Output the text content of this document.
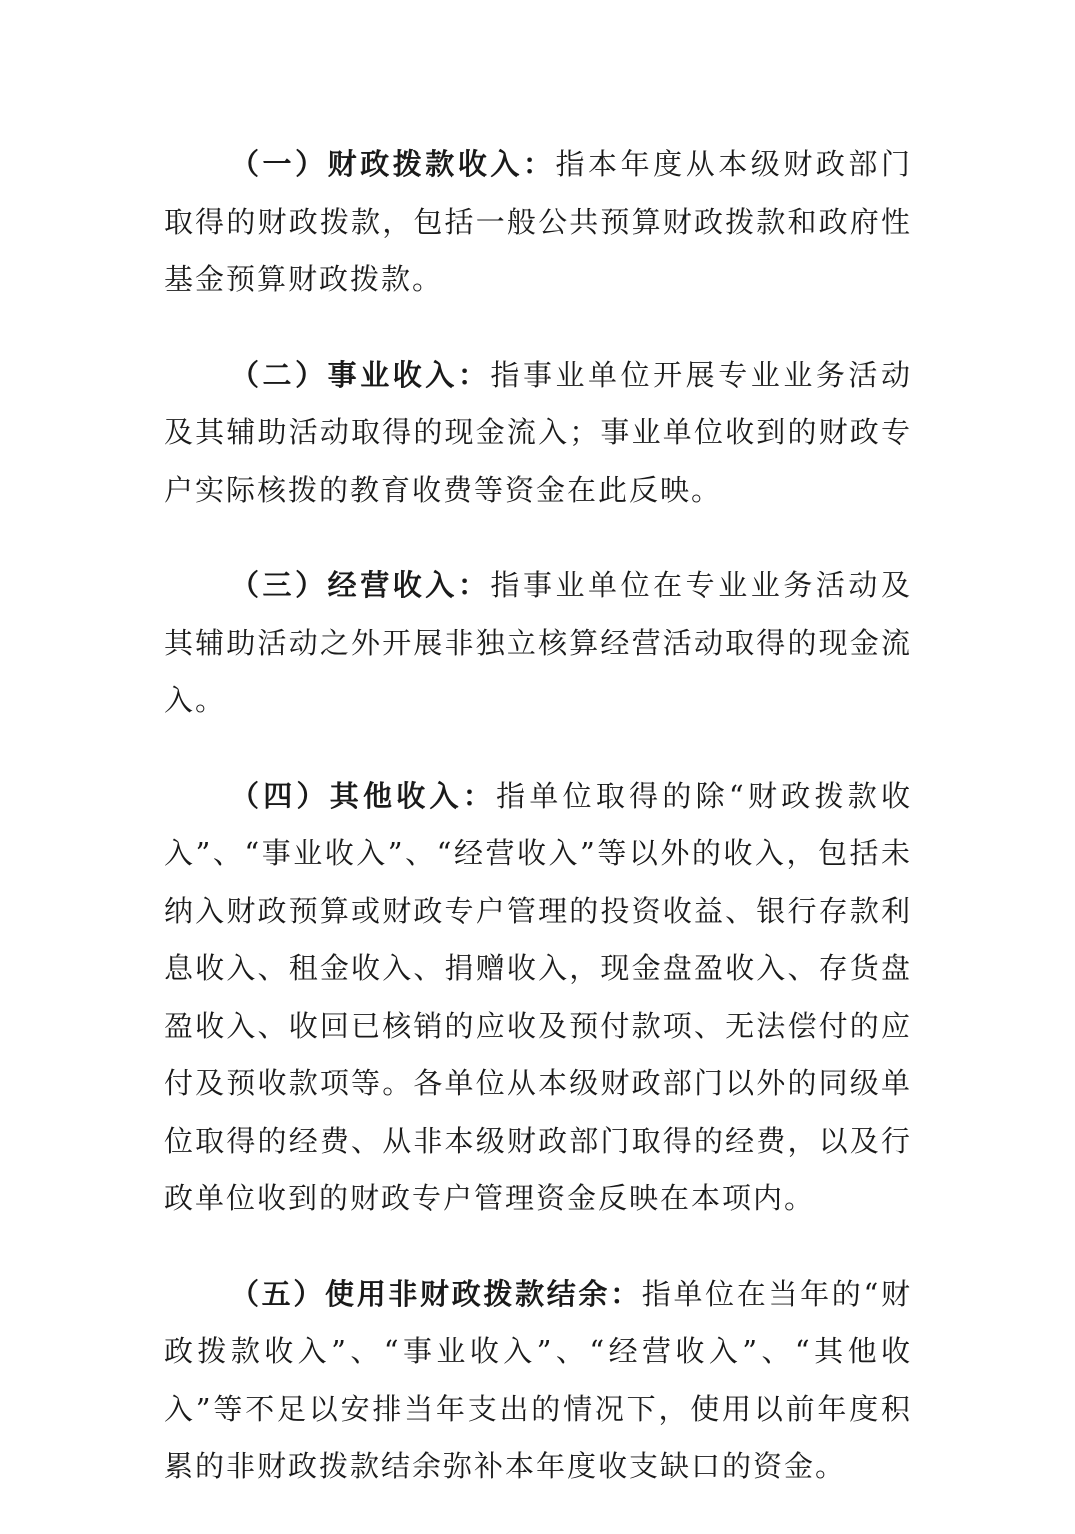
（一）财政拨款收入：指本年度从本级财政部门取得的财政拨款，包括一般公共预算财政拨款和政府性基金预算财政拨款。

（二）事业收入：指事业单位开展专业业务活动及其辅助活动取得的现金流入；事业单位收到的财政专户实际核拨的教育收费等资金在此反映。

（三）经营收入：指事业单位在专业业务活动及其辅助活动之外开展非独立核算经营活动取得的现金流入。

（四）其他收入：指单位取得的除“财政拨款收入”、“事业收入”、“经营收入”等以外的收入，包括未纳入财政预算或财政专户管理的投资收益、银行存款利息收入、租金收入、捐赠收入，现金盘盈收入、存货盘盈收入、收回已核销的应收及预付款项、无法偿付的应付及预收款项等。各单位从本级财政部门以外的同级单位取得的经费、从非本级财政部门取得的经费，以及行政单位收到的财政专户管理资金反映在本项内。

（五）使用非财政拨款结余：指单位在当年的“财政拨款收入”、“事业收入”、“经营收入”、“其他收入”等不足以安排当年支出的情况下，使用以前年度积累的非财政拨款结余弥补本年度收支缺口的资金。
